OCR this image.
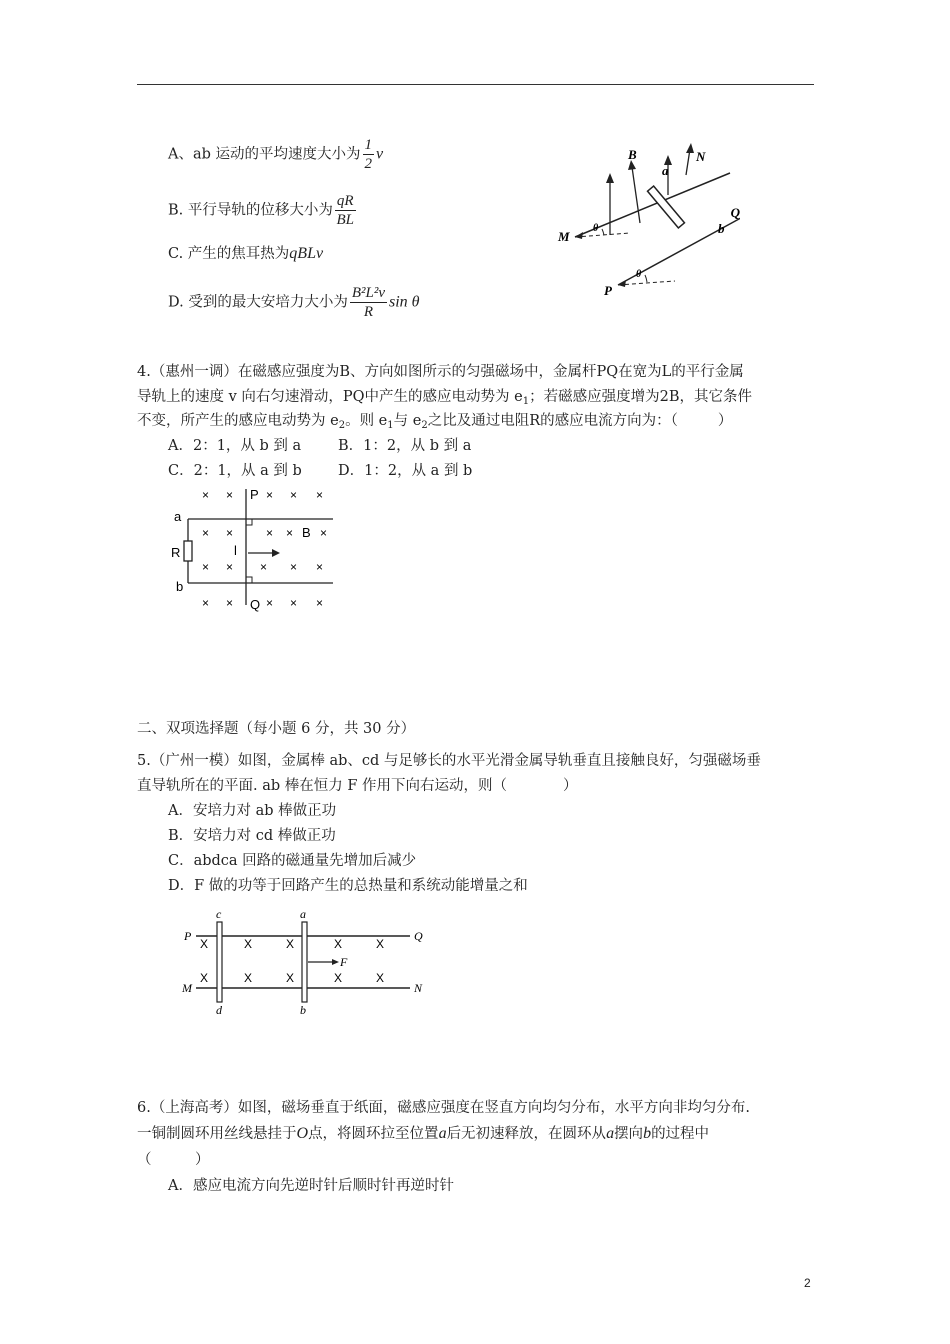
A、ab 运动的平均速度大小为 $\frac{1}{2}$ v
B. 平行导轨的位移大小为 $\frac{qR}{BL}$
C. 产生的焦耳热为qBLv
D. 受到的最大安培力大小为 $\frac{\text{B²L²v}}{R}$ sin θ
B
a
N
Q
b
M
P
θ
θ
4.（惠州一调）在磁感应强度为B、方向如图所示的匀强磁场中，金属杆PQ在宽为L的平行金属
导轨上的速度 v 向右匀速滑动，PQ中产生的感应电动势为 $e_1$；若磁感应强度增为2B，其它条件
不变，所产生的感应电动势为 $e_2$。则 $e_1$与 $e_2$之比及通过电阻R的感应电流方向为：（	）
A．2：1，从 b 到 a	B．1：2，从 b 到 a
C．2：1，从 a 到 b D．1：2，从 a 到 b
× ×	× × ×
× ×	× × ×
× × × × ×
× ×	× × ×
P
Q
a
b
R
B
l
二、双项选择题（每小题 6 分，共 30 分）
5.（广州一模）如图，金属棒 ab、cd 与足够长的水平光滑金属导轨垂直且接触良好，匀强磁场垂
直导轨所在的平面. ab 棒在恒力 F 作用下向右运动，则（	）
A．安培力对 ab 棒做正功
B．安培力对 cd 棒做正功
C．abdca 回路的磁通量先增加后减少
D．F 做的功等于回路产生的总热量和系统动能增量之和
X	X	X	X	X
X	X	X	X	X
P	Q
M	N
c	a
d	b
F
6.（上海高考）如图，磁场垂直于纸面，磁感应强度在竖直方向均匀分布，水平方向非均匀分布.
一铜制圆环用丝线悬挂于O点，将圆环拉至位置a后无初速释放，在圆环从a摆向b的过程中
（　　　）
A．感应电流方向先逆时针后顺时针再逆时针
2
